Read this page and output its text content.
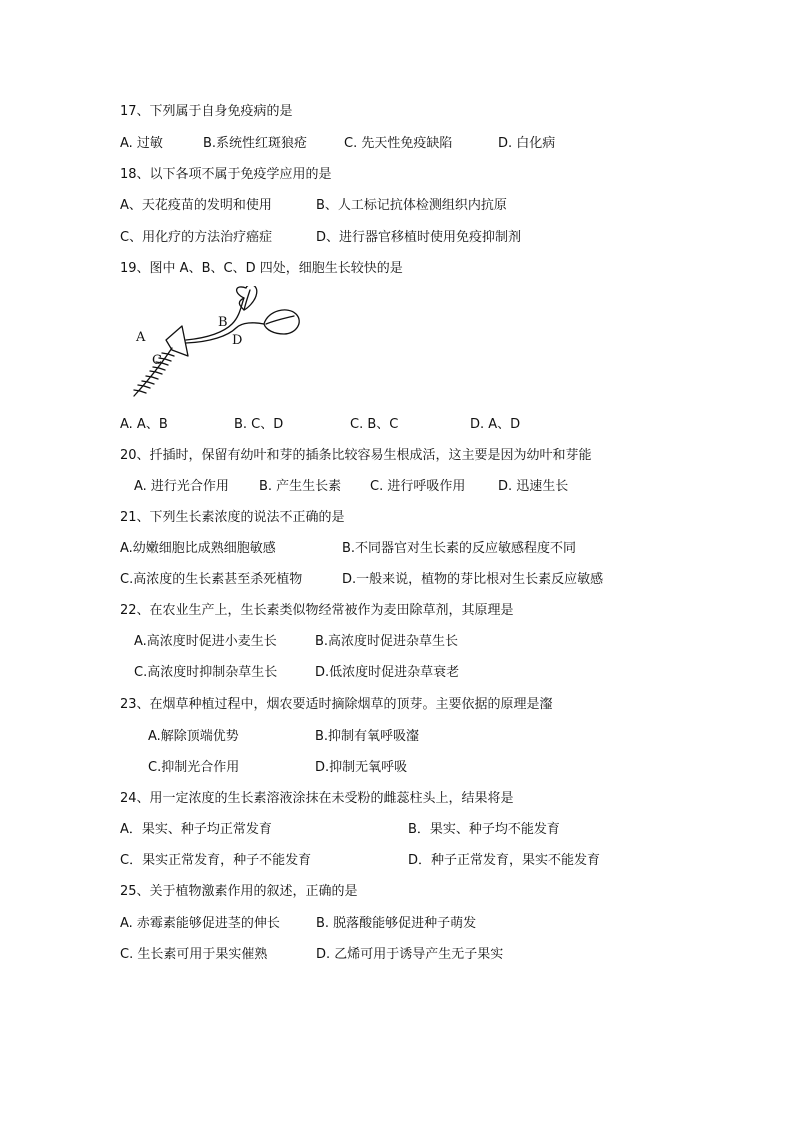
17、下列属于自身免疫病的是
A. 过敏	B.系统性红斑狼疮	C. 先天性免疫缺陷	D. 白化病
18、以下各项不属于免疫学应用的是
A、天花疫苗的发明和使用	B、人工标记抗体检测组织内抗原
C、用化疗的方法治疗癌症	D、进行器官移植时使用免疫抑制剂
19、图中 A、B、C、D 四处，细胞生长较快的是
A
B
C
D
A. A、B	B. C、D	C. B、C	D. A、D
20、扦插时，保留有幼叶和芽的插条比较容易生根成活，这主要是因为幼叶和芽能
A. 进行光合作用 B. 产生生长素 C. 进行呼吸作用	D. 迅速生长
21、下列生长素浓度的说法不正确的是
A.幼嫩细胞比成熟细胞敏感	B.不同器官对生长素的反应敏感程度不同
C.高浓度的生长素甚至杀死植物	D.一般来说，植物的芽比根对生长素反应敏感
22、在农业生产上，生长素类似物经常被作为麦田除草剂，其原理是
A.高浓度时促进小麦生长	B.高浓度时促进杂草生长
C.高浓度时抑制杂草生长	D.低浓度时促进杂草衰老
23、在烟草种植过程中，烟农要适时摘除烟草的顶芽。主要依据的原理是瀣
A.解除顶端优势	B.抑制有氧呼吸瀣
C.抑制光合作用	D.抑制无氧呼吸
24、用一定浓度的生长素溶液涂抹在未受粉的雌蕊柱头上，结果将是
A．果实、种子均正常发育	B．果实、种子均不能发育
C．果实正常发育，种子不能发育	D．种子正常发育，果实不能发育
25、关于植物激素作用的叙述，正确的是
A. 赤霉素能够促进茎的伸长	B. 脱落酸能够促进种子萌发
C. 生长素可用于果实催熟	D. 乙烯可用于诱导产生无子果实
